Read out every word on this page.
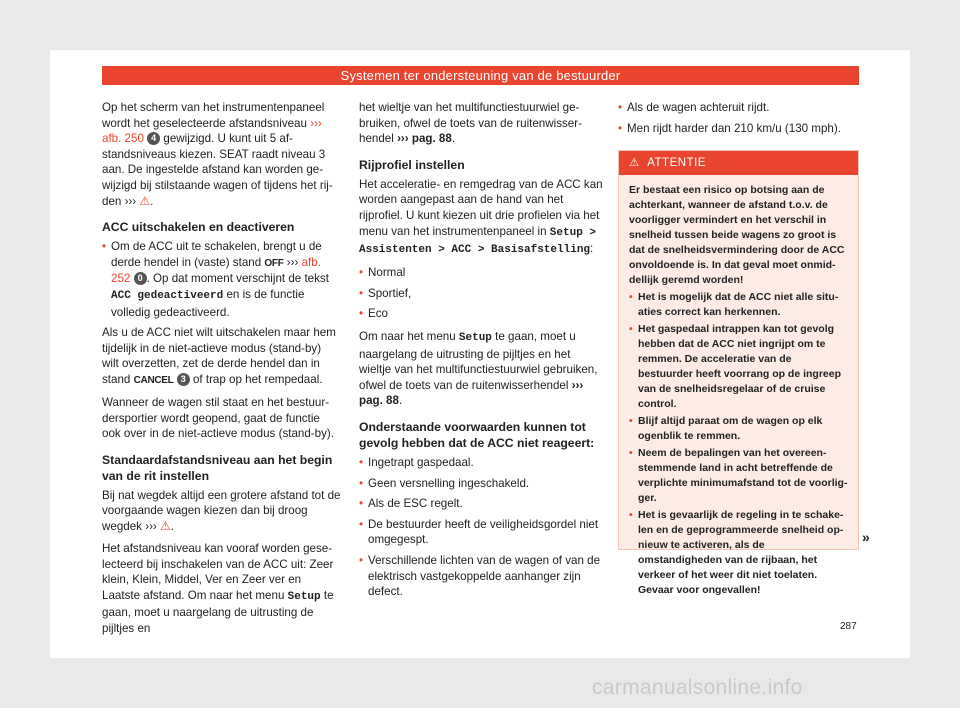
Systemen ter ondersteuning van de bestuurder

Op het scherm van het instrumentenpaneel wordt het geselecteerde afstandsniveau ››› afb. 250 4 gewijzigd. U kunt uit 5 afstandsniveaus kiezen. SEAT raadt niveau 3 aan. De ingestelde afstand kan worden gewijzigd bij stilstaande wagen of tijdens het rijden ››› ⚠.

ACC uitschakelen en deactiveren
• Om de ACC uit te schakelen, brengt u de derde hendel in (vaste) stand OFF ››› afb. 252 0 . Op dat moment verschijnt de tekst ACC gedeactiveerd en is de functie volledig gedeactiveerd.

Als u de ACC niet wilt uitschakelen maar hem tijdelijk in de niet-actieve modus (stand-by) wilt overzetten, zet de derde hendel dan in stand CANCEL 3 of trap op het rempedaal.

Wanneer de wagen stil staat en het bestuurdersportier wordt geopend, gaat de functie ook over in de niet-actieve modus (stand-by).

Standaardafstandsniveau aan het begin van de rit instellen

Bij nat wegdek altijd een grotere afstand tot de voorgaande wagen kiezen dan bij droog wegdek ››› ⚠.

Het afstandsniveau kan vooraf worden geselecteerd bij inschakelen van de ACC uit: Zeer klein, Klein, Middel, Ver en Zeer ver en Laatste afstand. Om naar het menu Setup te gaan, moet u naargelang de uitrusting de pijltjes en

het wieltje van het multifunctiestuurwiel gebruiken, ofwel de toets van de ruitenwisserhendel ››› pag. 88.

Rijprofiel instellen

Het acceleratie- en remgedrag van de ACC kan worden aangepast aan de hand van het rijprofiel. U kunt kiezen uit drie profielen via het menu van het instrumentenpaneel in Setup > Assistenten > ACC > Basisafstelling:

• Normal
• Sportief,
• Eco

Om naar het menu Setup te gaan, moet u naargelang de uitrusting de pijltjes en het wieltje van het multifunctiestuurwiel gebruiken, ofwel de toets van de ruitenwisserhendel ››› pag. 88.

Onderstaande voorwaarden kunnen tot gevolg hebben dat de ACC niet reageert:
• Ingetrapt gaspedaal.
• Geen versnelling ingeschakeld.
• Als de ESC regelt.
• De bestuurder heeft de veiligheidsgordel niet omgegespt.
• Verschillende lichten van de wagen of van de elektrisch vastgekoppelde aanhanger zijn defect.
• Als de wagen achteruit rijdt.
• Men rijdt harder dan 210 km/u (130 mph).
⚠ ATTENTIE

Er bestaat een risico op botsing aan de achterkant, wanneer de afstand t.o.v. de voorligger vermindert en het verschil in snelheid tussen beide wagens zo groot is dat de snelheidsvermindering door de ACC onvoldoende is. In dat geval moet onmiddellijk geremd worden!

• Het is mogelijk dat de ACC niet alle situaties correct kan herkennen.
• Het gaspedaal intrappen kan tot gevolg hebben dat de ACC niet ingrijpt om te remmen. De acceleratie van de bestuurder heeft voorrang op de ingreep van de snelheidsregelaar of de cruise control.
• Blijf altijd paraat om de wagen op elk ogenblik te remmen.
• Neem de bepalingen van het overeenstemmende land in acht betreffende de verplichte minimumafstand tot de voorligger.
• Het is gevaarlijk de regeling in te schakelen en de geprogrammeerde snelheid opnieuw te activeren, als de omstandigheden van de rijbaan, het verkeer of het weer dit niet toelaten. Gevaar voor ongevallen!
»
287
carmanualsonline.info
